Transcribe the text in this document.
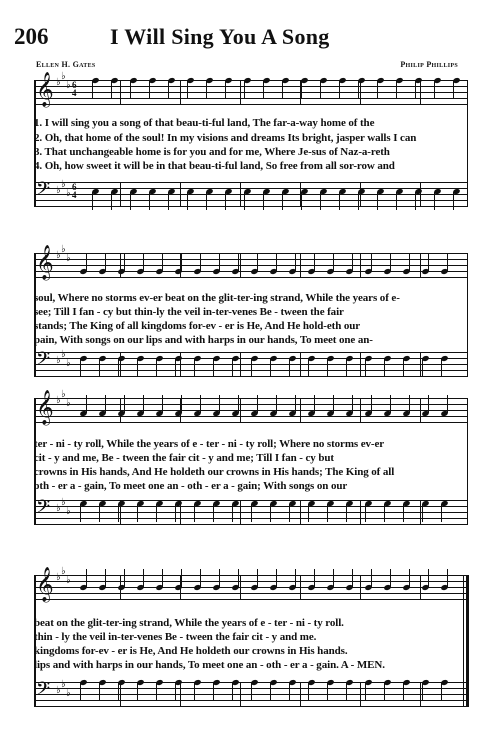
206	I Will Sing You A Song
Ellen H. Gates	Philip Phillips
𝄞 ♭
♭
♭ 6
4
𝄢 ♭
♭
♭
6
4
𝄞 ♭
♭
♭
𝄢 ♭
♭
♭
𝄞 ♭
♭
♭
𝄢 ♭
♭
♭
𝄞 ♭
♭
♭
𝄢 ♭
♭
♭
1. I will sing you a song of that beau-ti-ful land, The far-a-way home of the
2. Oh, that home of the soul! In my visions and dreams Its bright, jasper walls I can
3. That unchangeable home is for you and for me, Where Je-sus of Naz-a-reth
4. Oh, how sweet it will be in that beau-ti-ful land, So free from all sor-row and
soul, Where no storms ev-er beat on the glit-ter-ing strand, While the years of e-
see; Till I fan - cy but thin-ly the veil in-ter-venes Be - tween the fair
stands; The King of all kingdoms for-ev - er is He, And He hold-eth our
pain, With songs on our lips and with harps in our hands, To meet one an-
ter - ni - ty roll, While the years of e - ter - ni - ty roll; Where no storms ev-er
cit - y and me, Be - tween the fair cit - y and me; Till I fan - cy but
crowns in His hands, And He holdeth our crowns in His hands; The King of all
oth - er a - gain, To meet one an - oth - er a - gain; With songs on our
beat on the glit-ter-ing strand, While the years of e - ter - ni - ty roll.
thin - ly the veil in-ter-venes Be - tween the fair cit - y and me.
kingdoms for-ev - er is He, And He holdeth our crowns in His hands.
lips and with harps in our hands, To meet one an - oth - er a - gain. A - MEN.
